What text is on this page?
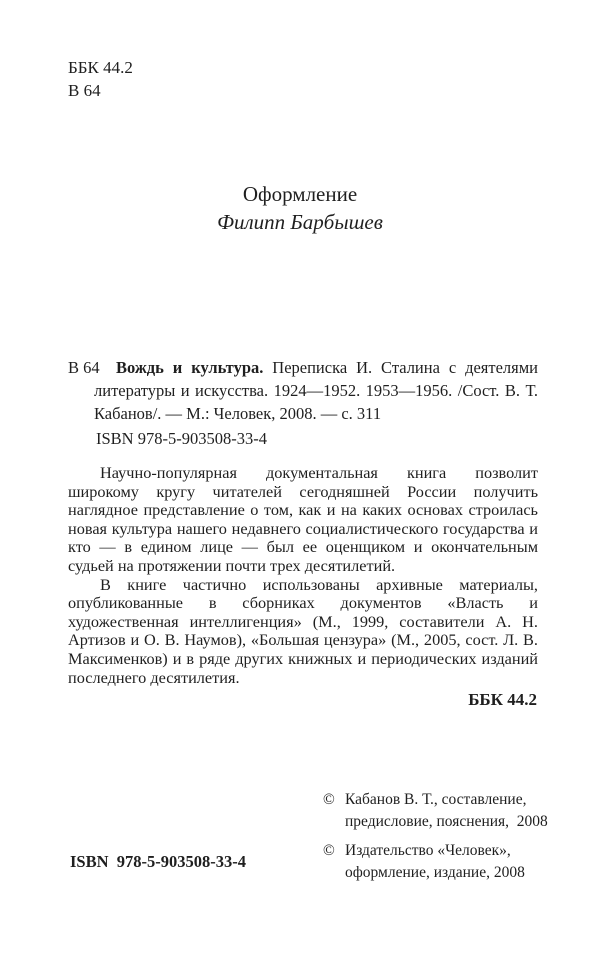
ББК 44.2
В 64
Оформление
Филипп Барбышев
В 64 Вождь и культура. Переписка И. Сталина с деятелями литературы и искусства. 1924—1952. 1953—1956. /Сост. В. Т. Кабанов/. — М.: Человек, 2008. — с. 311

ISBN 978-5-903508-33-4

Научно-популярная документальная книга позволит широкому кругу читателей сегодняшней России получить наглядное представление о том, как и на каких основах строилась новая культура нашего недавнего социалистического государства и кто — в едином лице — был ее оценщиком и окончательным судьей на протяжении почти трех десятилетий.

В книге частично использованы архивные материалы, опубликованные в сборниках документов «Власть и художественная интеллигенция» (М., 1999, составители А. Н. Артизов и О. В. Наумов), «Большая цензура» (М., 2005, сост. Л. В. Максименков) и в ряде других книжных и периодических изданий последнего десятилетия.

ББК 44.2
© Кабанов В. Т., составление,
предисловие, пояснения,  2008
© Издательство «Человек»,
оформление, издание, 2008
ISBN  978-5-903508-33-4
